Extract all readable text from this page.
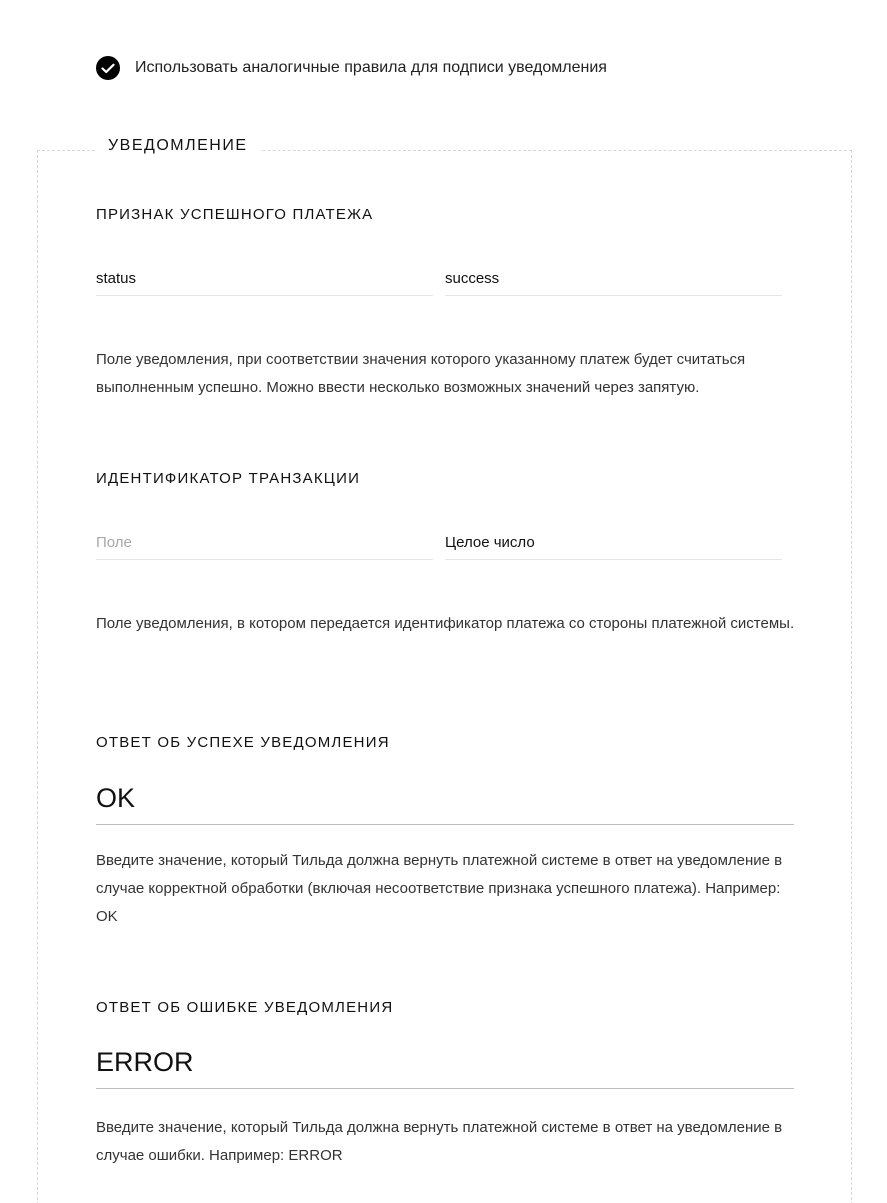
Использовать аналогичные правила для подписи уведомления
УВЕДОМЛЕНИЕ
ПРИЗНАК УСПЕШНОГО ПЛАТЕЖА
status	success
Поле уведомления, при соответствии значения которого указанному платеж будет считаться выполненным успешно. Можно ввести несколько возможных значений через запятую.
ИДЕНТИФИКАТОР ТРАНЗАКЦИИ
Поле	Целое число
Поле уведомления, в котором передается идентификатор платежа со стороны платежной системы.
ОТВЕТ ОБ УСПЕХЕ УВЕДОМЛЕНИЯ
OK
Введите значение, который Тильда должна вернуть платежной системе в ответ на уведомление в случае корректной обработки (включая несоответствие признака успешного платежа). Например: OK
ОТВЕТ ОБ ОШИБКЕ УВЕДОМЛЕНИЯ
ERROR
Введите значение, который Тильда должна вернуть платежной системе в ответ на уведомление в случае ошибки. Например: ERROR
